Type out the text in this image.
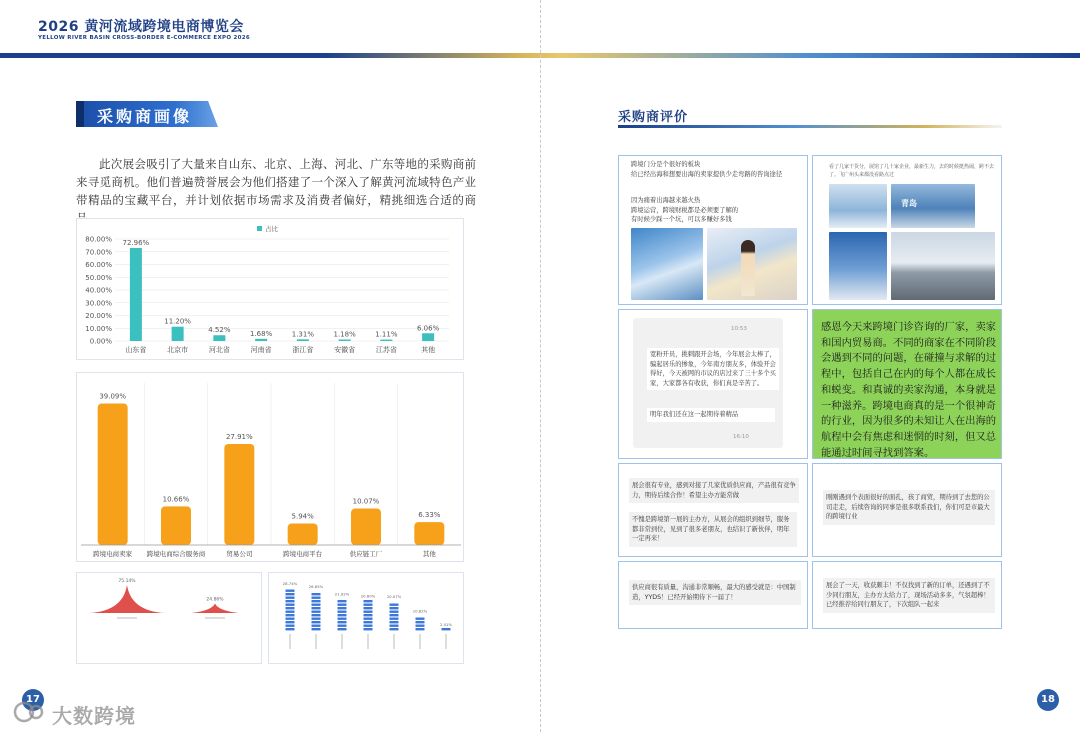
2026 黄河流域跨境电商博览会
YELLOW RIVER BASIN CROSS-BORDER E-COMMERCE EXPO 2026
采购商画像
此次展会吸引了大量来自山东、北京、上海、河北、广东等地的采购商前来寻觅商机。他们普遍赞誉展会为他们搭建了一个深入了解黄河流域特色产业带精品的宝藏平台，并计划依据市场需求及消费者偏好，精挑细选合适的商
占比
80.00%
70.00%
60.00%
50.00%
40.00%
30.00%
20.00%
10.00%
0.00%
72.96%
山东省
11.20%
北京市
4.52%
河北省
1.68%
河南省
1.31%
浙江省
1.18%
安徽省
1.11%
江苏省
6.06%
其他
39.09%
跨境电商卖家
10.66%
跨境电商综合服务商
27.91%
贸易公司
5.94%
跨境电商平台
10.07%
供应链工厂
6.33%
其他
75.14%
24.86%
28.74%
26.65%
21.92%	20.60%	20.07%
10.82%
2.01%
采购商评价
跨境门分是个很好的板块
给已经出海和想要出海的卖家提供少走弯路的咨询途径
因为痛着出海越来越火热
跨境运营，跨境财税都是必须要了解的
有时候少踩一个坑，可以多赚好多钱
看了几家干货分，展馆了几十家企业，最新生力，去的时候挺热闹，跨不去了。飞广州头来都没看路点过
青岛
10:53
宽粉开员，挑刺跟开会场，今年展会太棒了，骗起居乐的惨象，今年南方朋友多，体验开会得好，今天被网的市议的店过来了三十多个买家，大家都各有收获，你们真是辛苦了。
明年我们还在这一起期待着精品
16:10
感恩今天来跨境门诊咨询的厂家，卖家和国内贸易商。不同的商家在不同阶段会遇到不同的问题，在碰撞与求解的过程中，包括自己在内的每个人都在成长和蜕变。和真诚的卖家沟通，本身就是一种滋养。跨境电商真的是一个很神奇的行业，因为很多的未知让人在出海的航程中会有焦虑和迷惘的时刻，但又总能通过时间寻找到答案。
展会很有专业，感到对接了几家优质供应商，产品很有竞争力，期待后续合作！希望主办方能常做
不愧是跨境第一展的主办方，从展会的组织到细节，服务都非常到位，见到了很多老朋友，也结识了新伙伴，明年一定再来！
刚刚遇到个表面很好的面孔，孩了商贸，期待到了去您的公司走走，后续咨询的同事是很多联系我们，你们可是市最大的跨境行业
供应商很有质量，沟通非常顺畅，最大的感受就是：中国制造，YYDS！已经开始期待下一届了！
展会了一天，收获颇丰！不仅找到了新的订单，还遇到了不少同行朋友，主办方太给力了，现场活动多多，气氛超棒！已经推荐给同行朋友了，下次组队一起来
17	18
大数跨境
